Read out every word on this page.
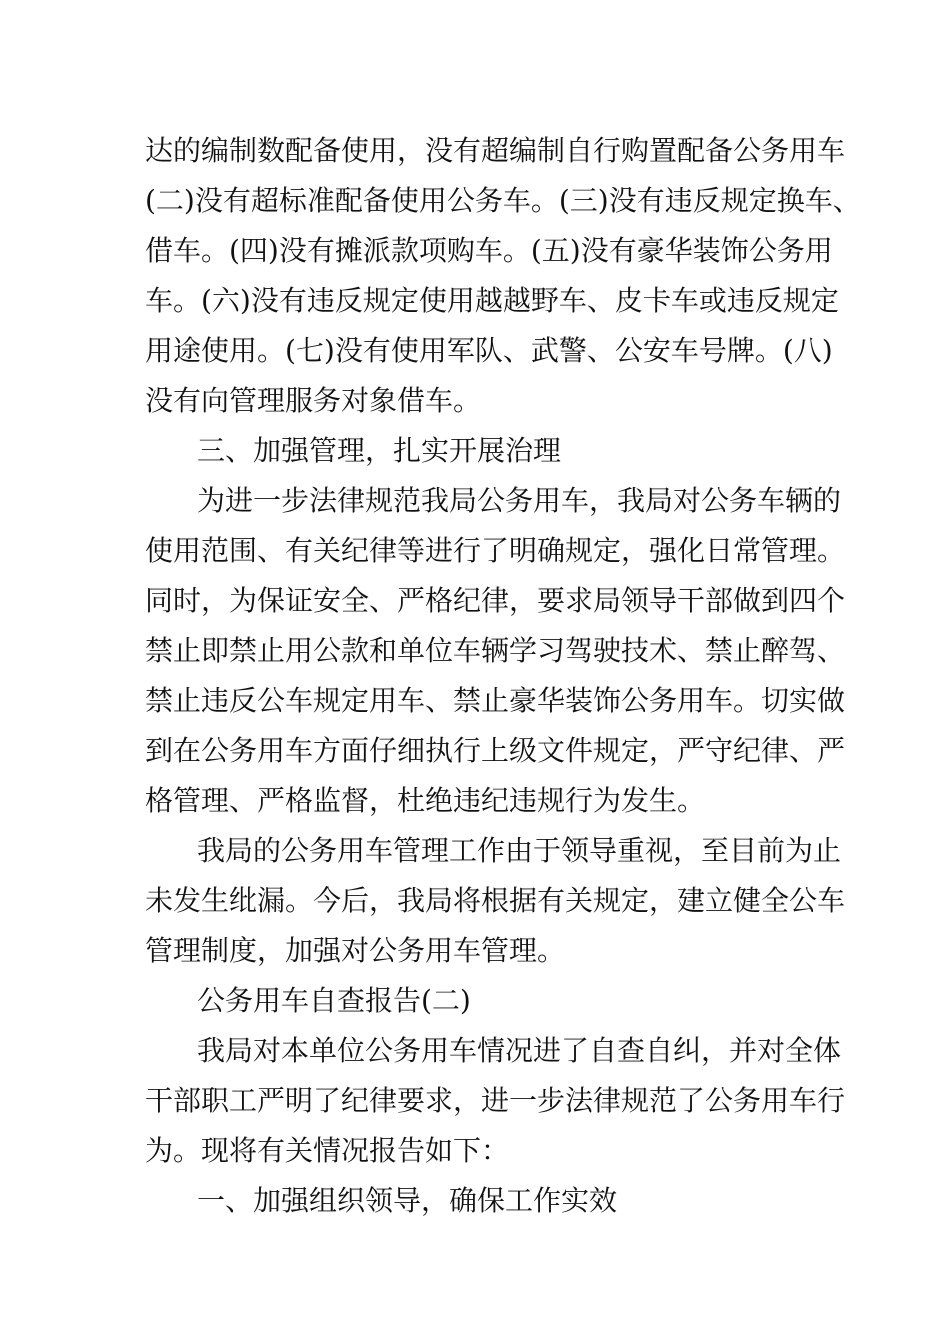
达的编制数配备使用，没有超编制自行购置配备公务用车
(二)没有超标准配备使用公务车。(三)没有违反规定换车、
借车。(四)没有摊派款项购车。(五)没有豪华装饰公务用
车。(六)没有违反规定使用越越野车、皮卡车或违反规定
用途使用。(七)没有使用军队、武警、公安车号牌。(八)
没有向管理服务对象借车。
三、加强管理，扎实开展治理
为进一步法律规范我局公务用车，我局对公务车辆的
使用范围、有关纪律等进行了明确规定，强化日常管理。
同时，为保证安全、严格纪律，要求局领导干部做到四个
禁止即禁止用公款和单位车辆学习驾驶技术、禁止醉驾、
禁止违反公车规定用车、禁止豪华装饰公务用车。切实做
到在公务用车方面仔细执行上级文件规定，严守纪律、严
格管理、严格监督，杜绝违纪违规行为发生。
我局的公务用车管理工作由于领导重视，至目前为止
未发生纰漏。今后，我局将根据有关规定，建立健全公车
管理制度，加强对公务用车管理。
公务用车自查报告(二)
我局对本单位公务用车情况进了自查自纠，并对全体
干部职工严明了纪律要求，进一步法律规范了公务用车行
为。现将有关情况报告如下：
一、加强组织领导，确保工作实效
